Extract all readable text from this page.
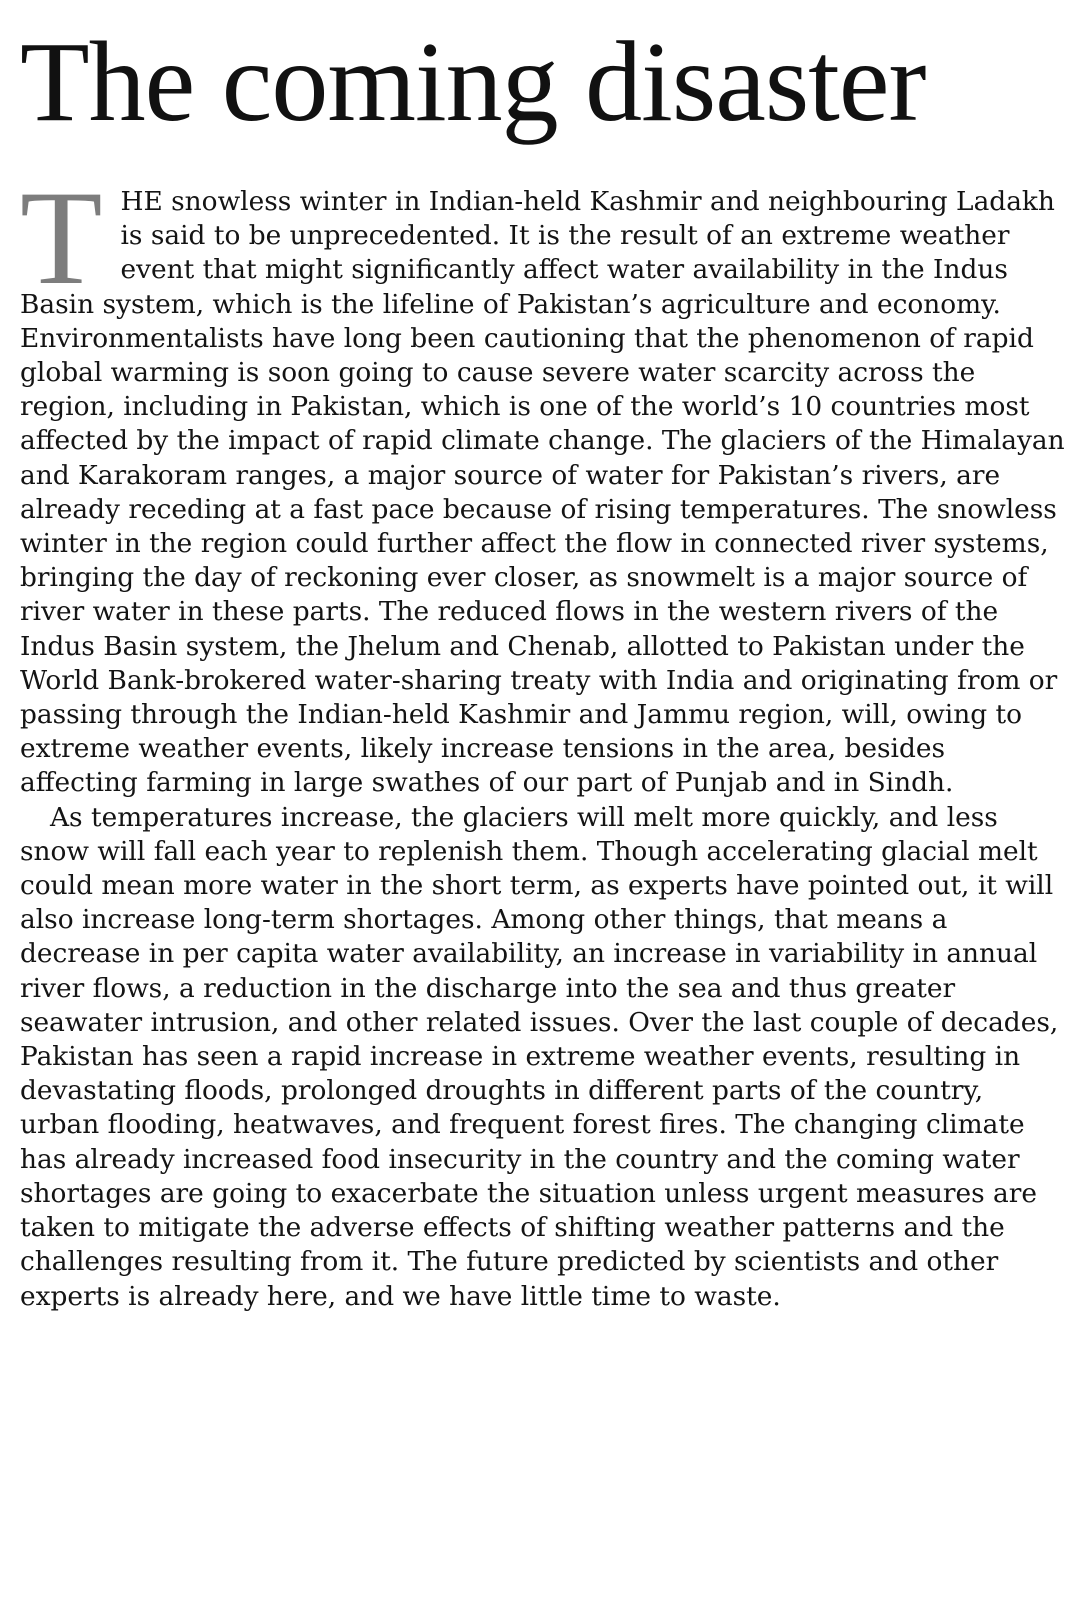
The coming disaster

THE snowless winter in Indian-held Kashmir and neighbouring Ladakh is said to be unprecedented. It is the result of an extreme weather event that might significantly affect water availability in the Indus Basin system, which is the lifeline of Pakistan’s agriculture and economy. Environmentalists have long been cautioning that the phenomenon of rapid global warming is soon going to cause severe water scarcity across the region, including in Pakistan, which is one of the world’s 10 countries most affected by the impact of rapid climate change. The glaciers of the Himalayan and Karakoram ranges, a major source of water for Pakistan’s rivers, are already receding at a fast pace because of rising temperatures. The snowless winter in the region could further affect the flow in connected river systems, bringing the day of reckoning ever closer, as snowmelt is a major source of river water in these parts. The reduced flows in the western rivers of the Indus Basin system, the Jhelum and Chenab, allotted to Pakistan under the World Bank-brokered water-sharing treaty with India and originating from or passing through the Indian-held Kashmir and Jammu region, will, owing to extreme weather events, likely increase tensions in the area, besides affecting farming in large swathes of our part of Punjab and in Sindh.

As temperatures increase, the glaciers will melt more quickly, and less snow will fall each year to replenish them. Though accelerating glacial melt could mean more water in the short term, as experts have pointed out, it will also increase long-term shortages. Among other things, that means a decrease in per capita water availability, an increase in variability in annual river flows, a reduction in the discharge into the sea and thus greater seawater intrusion, and other related issues. Over the last couple of decades, Pakistan has seen a rapid increase in extreme weather events, resulting in devastating floods, prolonged droughts in different parts of the country, urban flooding, heatwaves, and frequent forest fires. The changing climate has already increased food insecurity in the country and the coming water shortages are going to exacerbate the situation unless urgent measures are taken to mitigate the adverse effects of shifting weather patterns and the challenges resulting from it. The future predicted by scientists and other experts is already here, and we have little time to waste.
